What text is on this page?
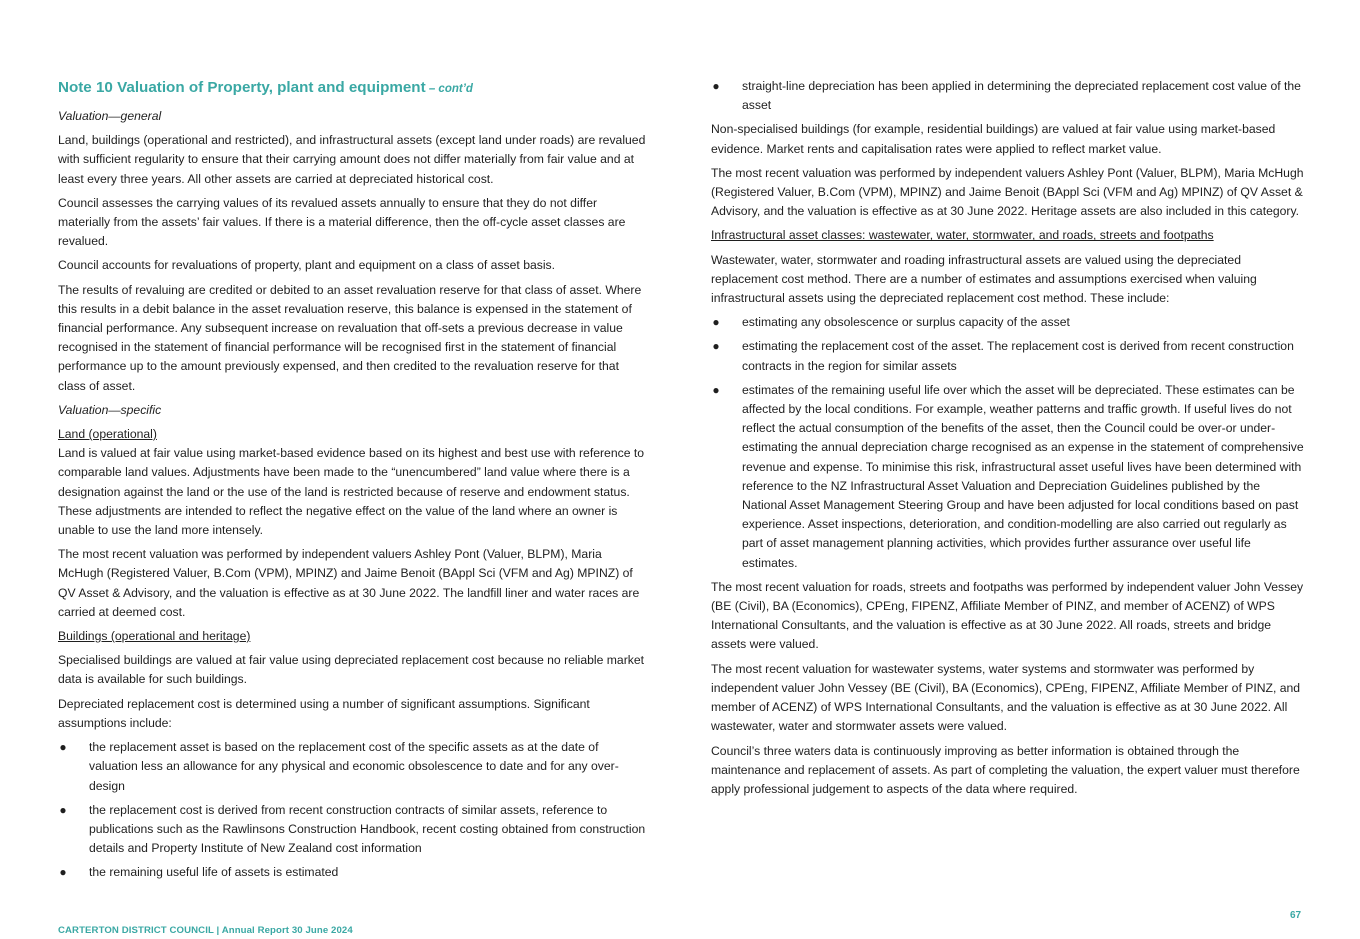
Note 10 Valuation of Property, plant and equipment – cont’d

Valuation—general

Land, buildings (operational and restricted), and infrastructural assets (except land under roads) are revalued with sufficient regularity to ensure that their carrying amount does not differ materially from fair value and at least every three years. All other assets are carried at depreciated historical cost.

Council assesses the carrying values of its revalued assets annually to ensure that they do not differ materially from the assets’ fair values. If there is a material difference, then the off-cycle asset classes are revalued.

Council accounts for revaluations of property, plant and equipment on a class of asset basis.

The results of revaluing are credited or debited to an asset revaluation reserve for that class of asset. Where this results in a debit balance in the asset revaluation reserve, this balance is expensed in the statement of financial performance. Any subsequent increase on revaluation that off-sets a previous decrease in value recognised in the statement of financial performance will be recognised first in the statement of financial performance up to the amount previously expensed, and then credited to the revaluation reserve for that class of asset.

Valuation—specific

Land (operational)

Land is valued at fair value using market-based evidence based on its highest and best use with reference to comparable land values. Adjustments have been made to the “unencumbered” land value where there is a designation against the land or the use of the land is restricted because of reserve and endowment status. These adjustments are intended to reflect the negative effect on the value of the land where an owner is unable to use the land more intensely.

The most recent valuation was performed by independent valuers Ashley Pont (Valuer, BLPM), Maria McHugh (Registered Valuer, B.Com (VPM), MPINZ) and Jaime Benoit (BAppl Sci (VFM and Ag) MPINZ) of QV Asset & Advisory, and the valuation is effective as at 30 June 2022. The landfill liner and water races are carried at deemed cost.

Buildings (operational and heritage)

Specialised buildings are valued at fair value using depreciated replacement cost because no reliable market data is available for such buildings.

Depreciated replacement cost is determined using a number of significant assumptions. Significant assumptions include:

● the replacement asset is based on the replacement cost of the specific assets as at the date of valuation less an allowance for any physical and economic obsolescence to date and for any over-design
● the replacement cost is derived from recent construction contracts of similar assets, reference to publications such as the Rawlinsons Construction Handbook, recent costing obtained from construction details and Property Institute of New Zealand cost information
● the remaining useful life of assets is estimated
● straight-line depreciation has been applied in determining the depreciated replacement cost value of the asset

Non-specialised buildings (for example, residential buildings) are valued at fair value using market-based evidence. Market rents and capitalisation rates were applied to reflect market value.

The most recent valuation was performed by independent valuers Ashley Pont (Valuer, BLPM), Maria McHugh (Registered Valuer, B.Com (VPM), MPINZ) and Jaime Benoit (BAppl Sci (VFM and Ag) MPINZ) of QV Asset & Advisory, and the valuation is effective as at 30 June 2022. Heritage assets are also included in this category.

Infrastructural asset classes: wastewater, water, stormwater, and roads, streets and footpaths

Wastewater, water, stormwater and roading infrastructural assets are valued using the depreciated replacement cost method. There are a number of estimates and assumptions exercised when valuing infrastructural assets using the depreciated replacement cost method. These include:

● estimating any obsolescence or surplus capacity of the asset
● estimating the replacement cost of the asset. The replacement cost is derived from recent construction contracts in the region for similar assets
● estimates of the remaining useful life over which the asset will be depreciated. These estimates can be affected by the local conditions. For example, weather patterns and traffic growth. If useful lives do not reflect the actual consumption of the benefits of the asset, then the Council could be over-or under-estimating the annual depreciation charge recognised as an expense in the statement of comprehensive revenue and expense. To minimise this risk, infrastructural asset useful lives have been determined with reference to the NZ Infrastructural Asset Valuation and Depreciation Guidelines published by the National Asset Management Steering Group and have been adjusted for local conditions based on past experience. Asset inspections, deterioration, and condition-modelling are also carried out regularly as part of asset management planning activities, which provides further assurance over useful life estimates.

The most recent valuation for roads, streets and footpaths was performed by independent valuer John Vessey (BE (Civil), BA (Economics), CPEng, FIPENZ, Affiliate Member of PINZ, and member of ACENZ) of WPS International Consultants, and the valuation is effective as at 30 June 2022. All roads, streets and bridge assets were valued.

The most recent valuation for wastewater systems, water systems and stormwater was performed by independent valuer John Vessey (BE (Civil), BA (Economics), CPEng, FIPENZ, Affiliate Member of PINZ, and member of ACENZ) of WPS International Consultants, and the valuation is effective as at 30 June 2022. All wastewater, water and stormwater assets were valued.

Council’s three waters data is continuously improving as better information is obtained through the maintenance and replacement of assets. As part of completing the valuation, the expert valuer must therefore apply professional judgement to aspects of the data where required.

67
CARTERTON DISTRICT COUNCIL | Annual Report 30 June 2024
